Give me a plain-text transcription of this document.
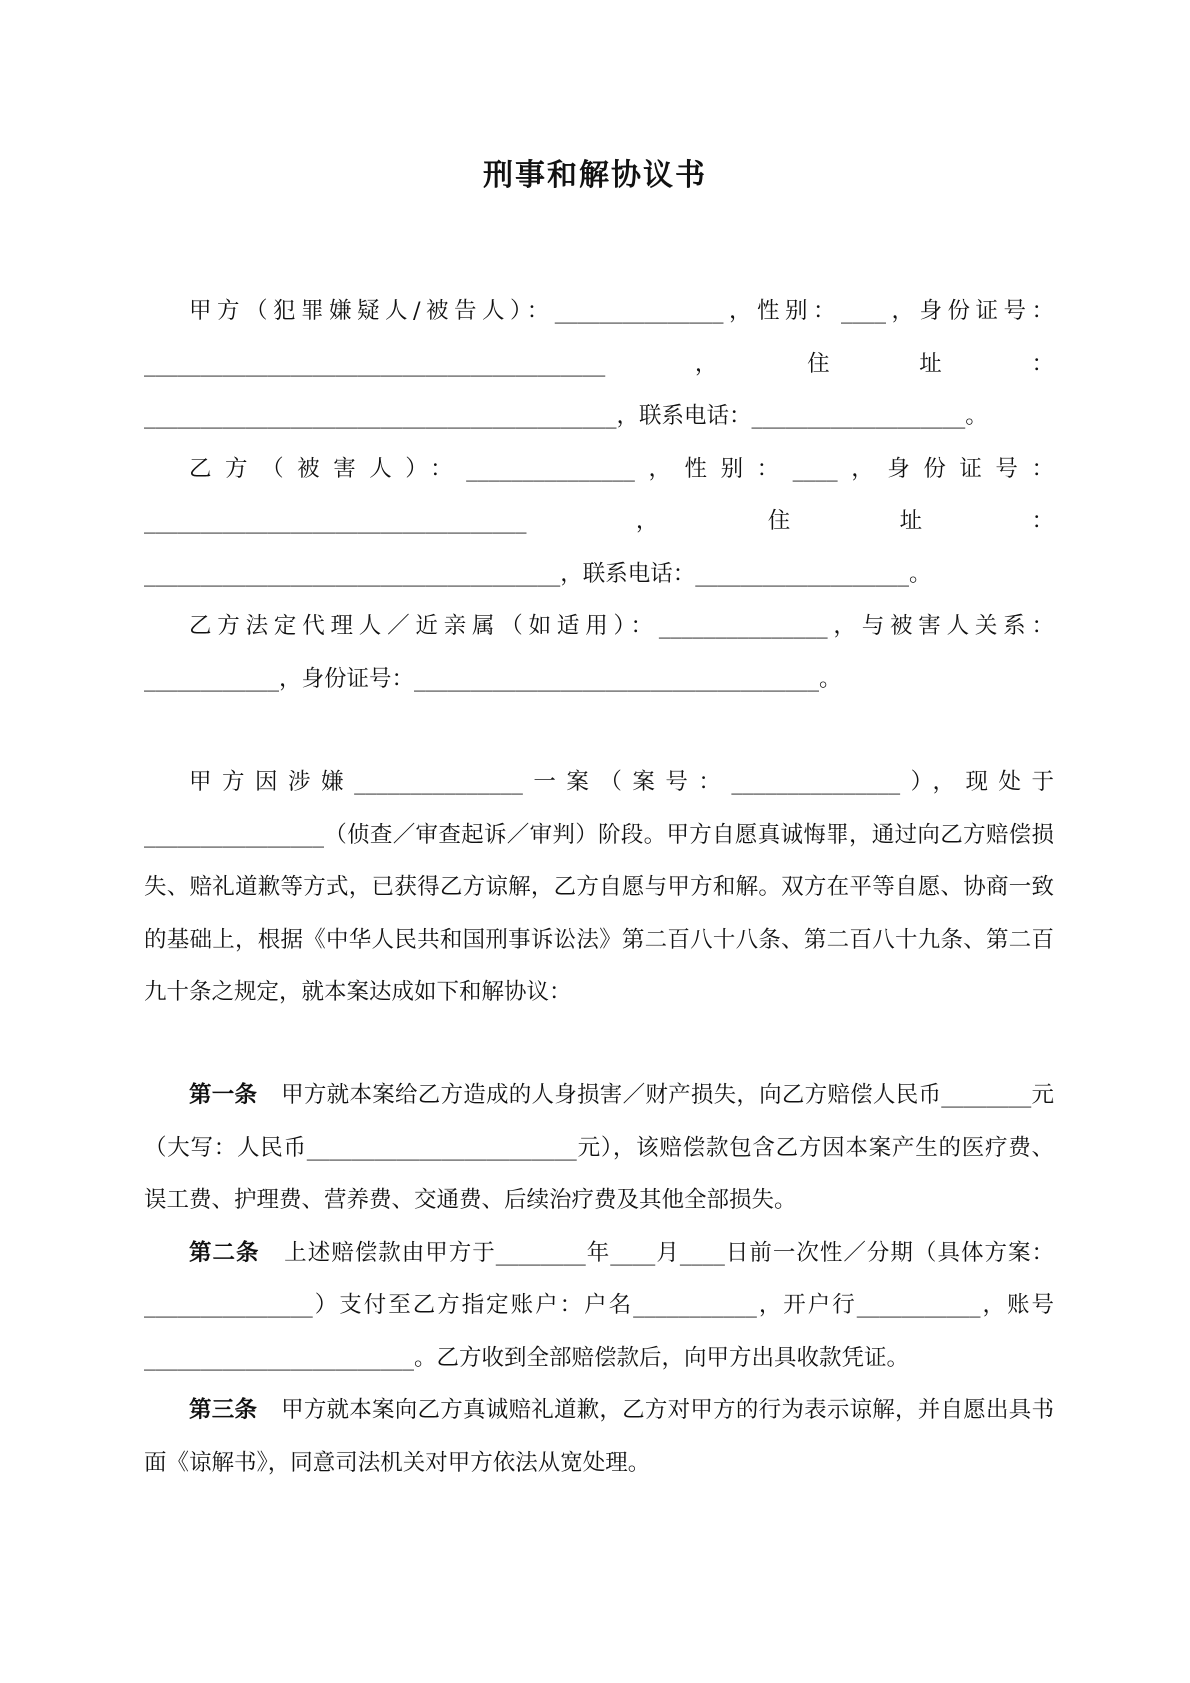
刑事和解协议书

甲方（犯罪嫌疑人/被告人）：_______________，性别：____，身份证号：_________________________________________，住址：__________________________________________，联系电话：___________________。

乙方（被害人）：_______________，性别：____，身份证号：__________________________________，住址：_____________________________________，联系电话：___________________。

乙方法定代理人／近亲属（如适用）：_______________，与被害人关系：____________，身份证号：____________________________________。

甲方因涉嫌_______________一案（案号：_______________），现处于________________（侦查／审查起诉／审判）阶段。甲方自愿真诚悔罪，通过向乙方赔偿损失、赔礼道歉等方式，已获得乙方谅解，乙方自愿与甲方和解。双方在平等自愿、协商一致的基础上，根据《中华人民共和国刑事诉讼法》第二百八十八条、第二百八十九条、第二百九十条之规定，就本案达成如下和解协议：

第一条 甲方就本案给乙方造成的人身损害／财产损失，向乙方赔偿人民币________元（大写：人民币________________________元），该赔偿款包含乙方因本案产生的医疗费、误工费、护理费、营养费、交通费、后续治疗费及其他全部损失。

第二条 上述赔偿款由甲方于________年____月____日前一次性／分期（具体方案：_______________）支付至乙方指定账户：户名___________，开户行___________，账号________________________。乙方收到全部赔偿款后，向甲方出具收款凭证。

第三条 甲方就本案向乙方真诚赔礼道歉，乙方对甲方的行为表示谅解，并自愿出具书面《谅解书》，同意司法机关对甲方依法从宽处理。
